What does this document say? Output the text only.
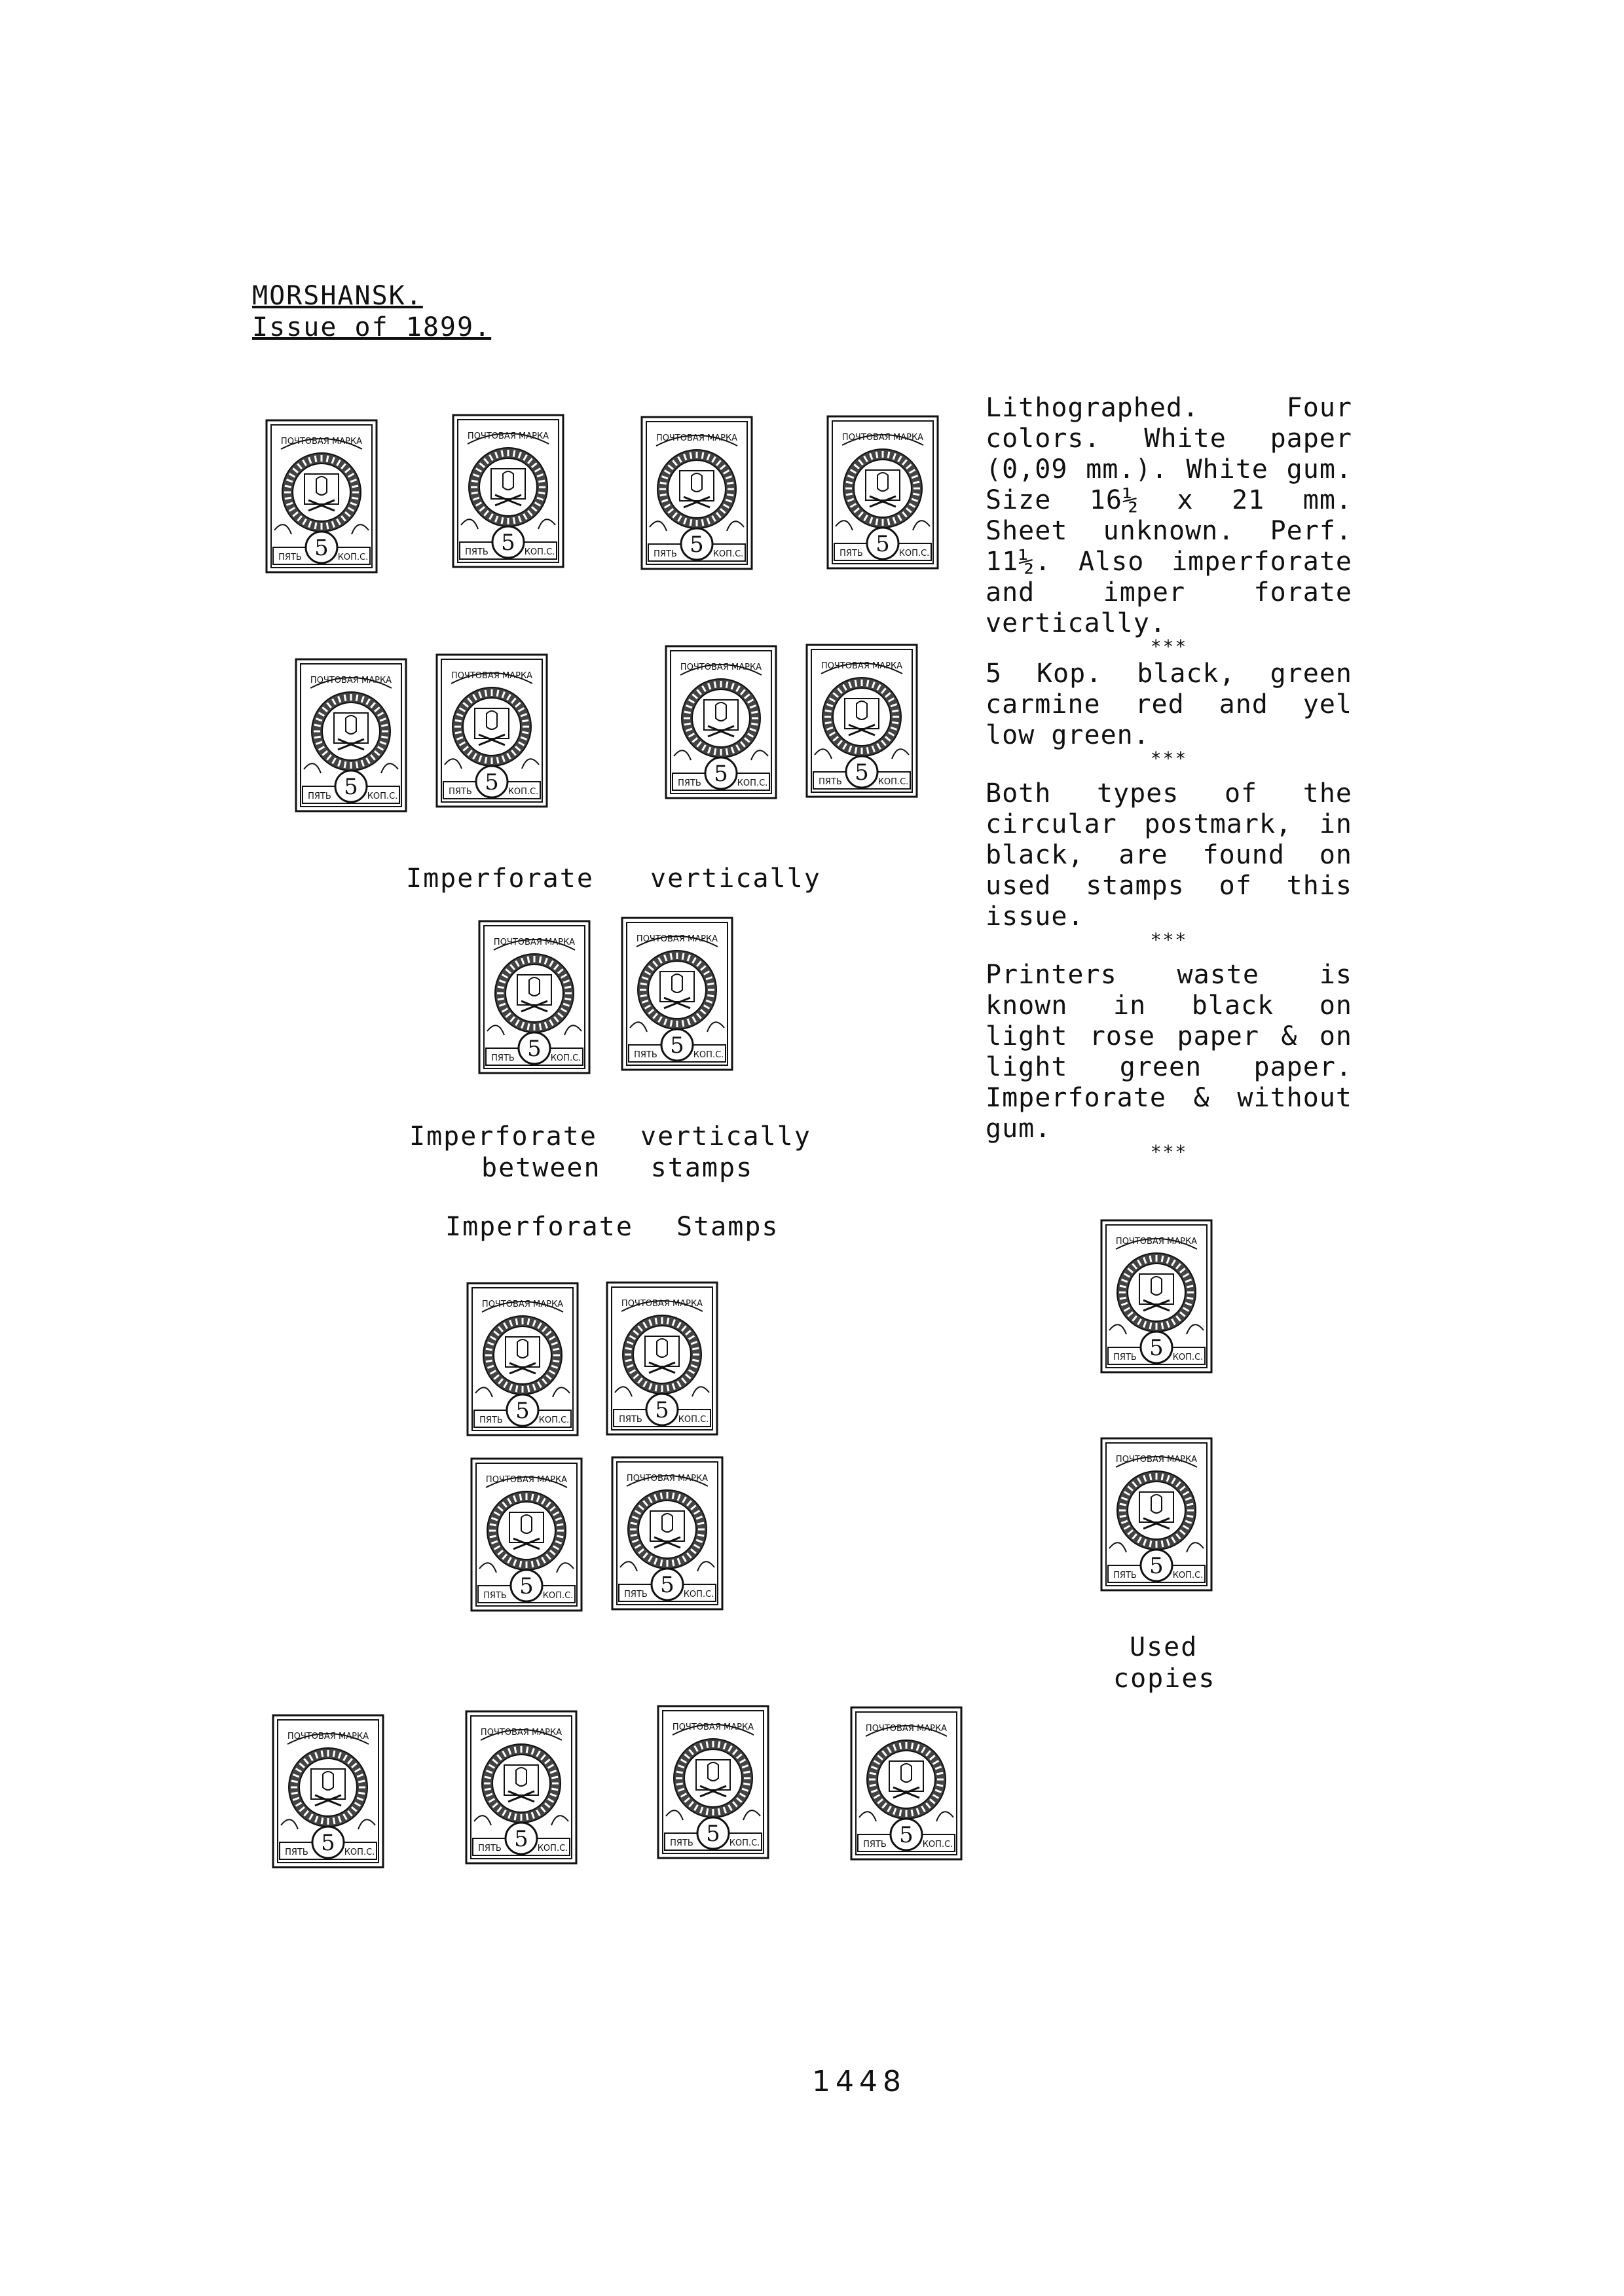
MORSHANSK.
Issue of 1899.

Lithographed. Four colors. White paper (0,09 mm.). White gum. Size 16½ x 21 mm. Sheet unknown. Perf. 11½. Also imperforate and imper forate vertically.

***

5 Kop. black, green carmine red and yel low green.

***

Both types of the circular postmark, in black, are found on used stamps of this issue.

***

Printers waste is known in black on light rose paper & on light green paper. Imperforate & without gum.

***
Imperforate vertically
Imperforate vertically
between stamps
Imperforate Stamps
Used
copies
ПОЧТОВАЯ МАРКА
ПЯТЬ	КОП.С.
5
ПОЧТОВАЯ МАРКА
ПЯТЬ	КОП.С.
5
ПОЧТОВАЯ МАРКА
ПЯТЬ	КОП.С.
5
ПОЧТОВАЯ МАРКА
ПЯТЬ	КОП.С.
5
ПОЧТОВАЯ МАРКА
ПЯТЬ	КОП.С.
5
ПОЧТОВАЯ МАРКА
ПЯТЬ	КОП.С.
5
ПОЧТОВАЯ МАРКА
ПЯТЬ	КОП.С.
5
ПОЧТОВАЯ МАРКА
ПЯТЬ	КОП.С.
5
ПОЧТОВАЯ МАРКА
ПЯТЬ	КОП.С.
5
ПОЧТОВАЯ МАРКА
ПЯТЬ	КОП.С.
5
ПОЧТОВАЯ МАРКА
ПЯТЬ	КОП.С.
5
ПОЧТОВАЯ МАРКА
ПЯТЬ	КОП.С.
5
ПОЧТОВАЯ МАРКА
ПЯТЬ	КОП.С.
5
ПОЧТОВАЯ МАРКА
ПЯТЬ	КОП.С.
5
ПОЧТОВАЯ МАРКА
ПЯТЬ	КОП.С.
5
ПОЧТОВАЯ МАРКА
ПЯТЬ	КОП.С.
5
ПОЧТОВАЯ МАРКА
ПЯТЬ	КОП.С.
5
ПОЧТОВАЯ МАРКА
ПЯТЬ	КОП.С.
5
ПОЧТОВАЯ МАРКА
ПЯТЬ	КОП.С.
5
ПОЧТОВАЯ МАРКА
ПЯТЬ	КОП.С.
5
1448
